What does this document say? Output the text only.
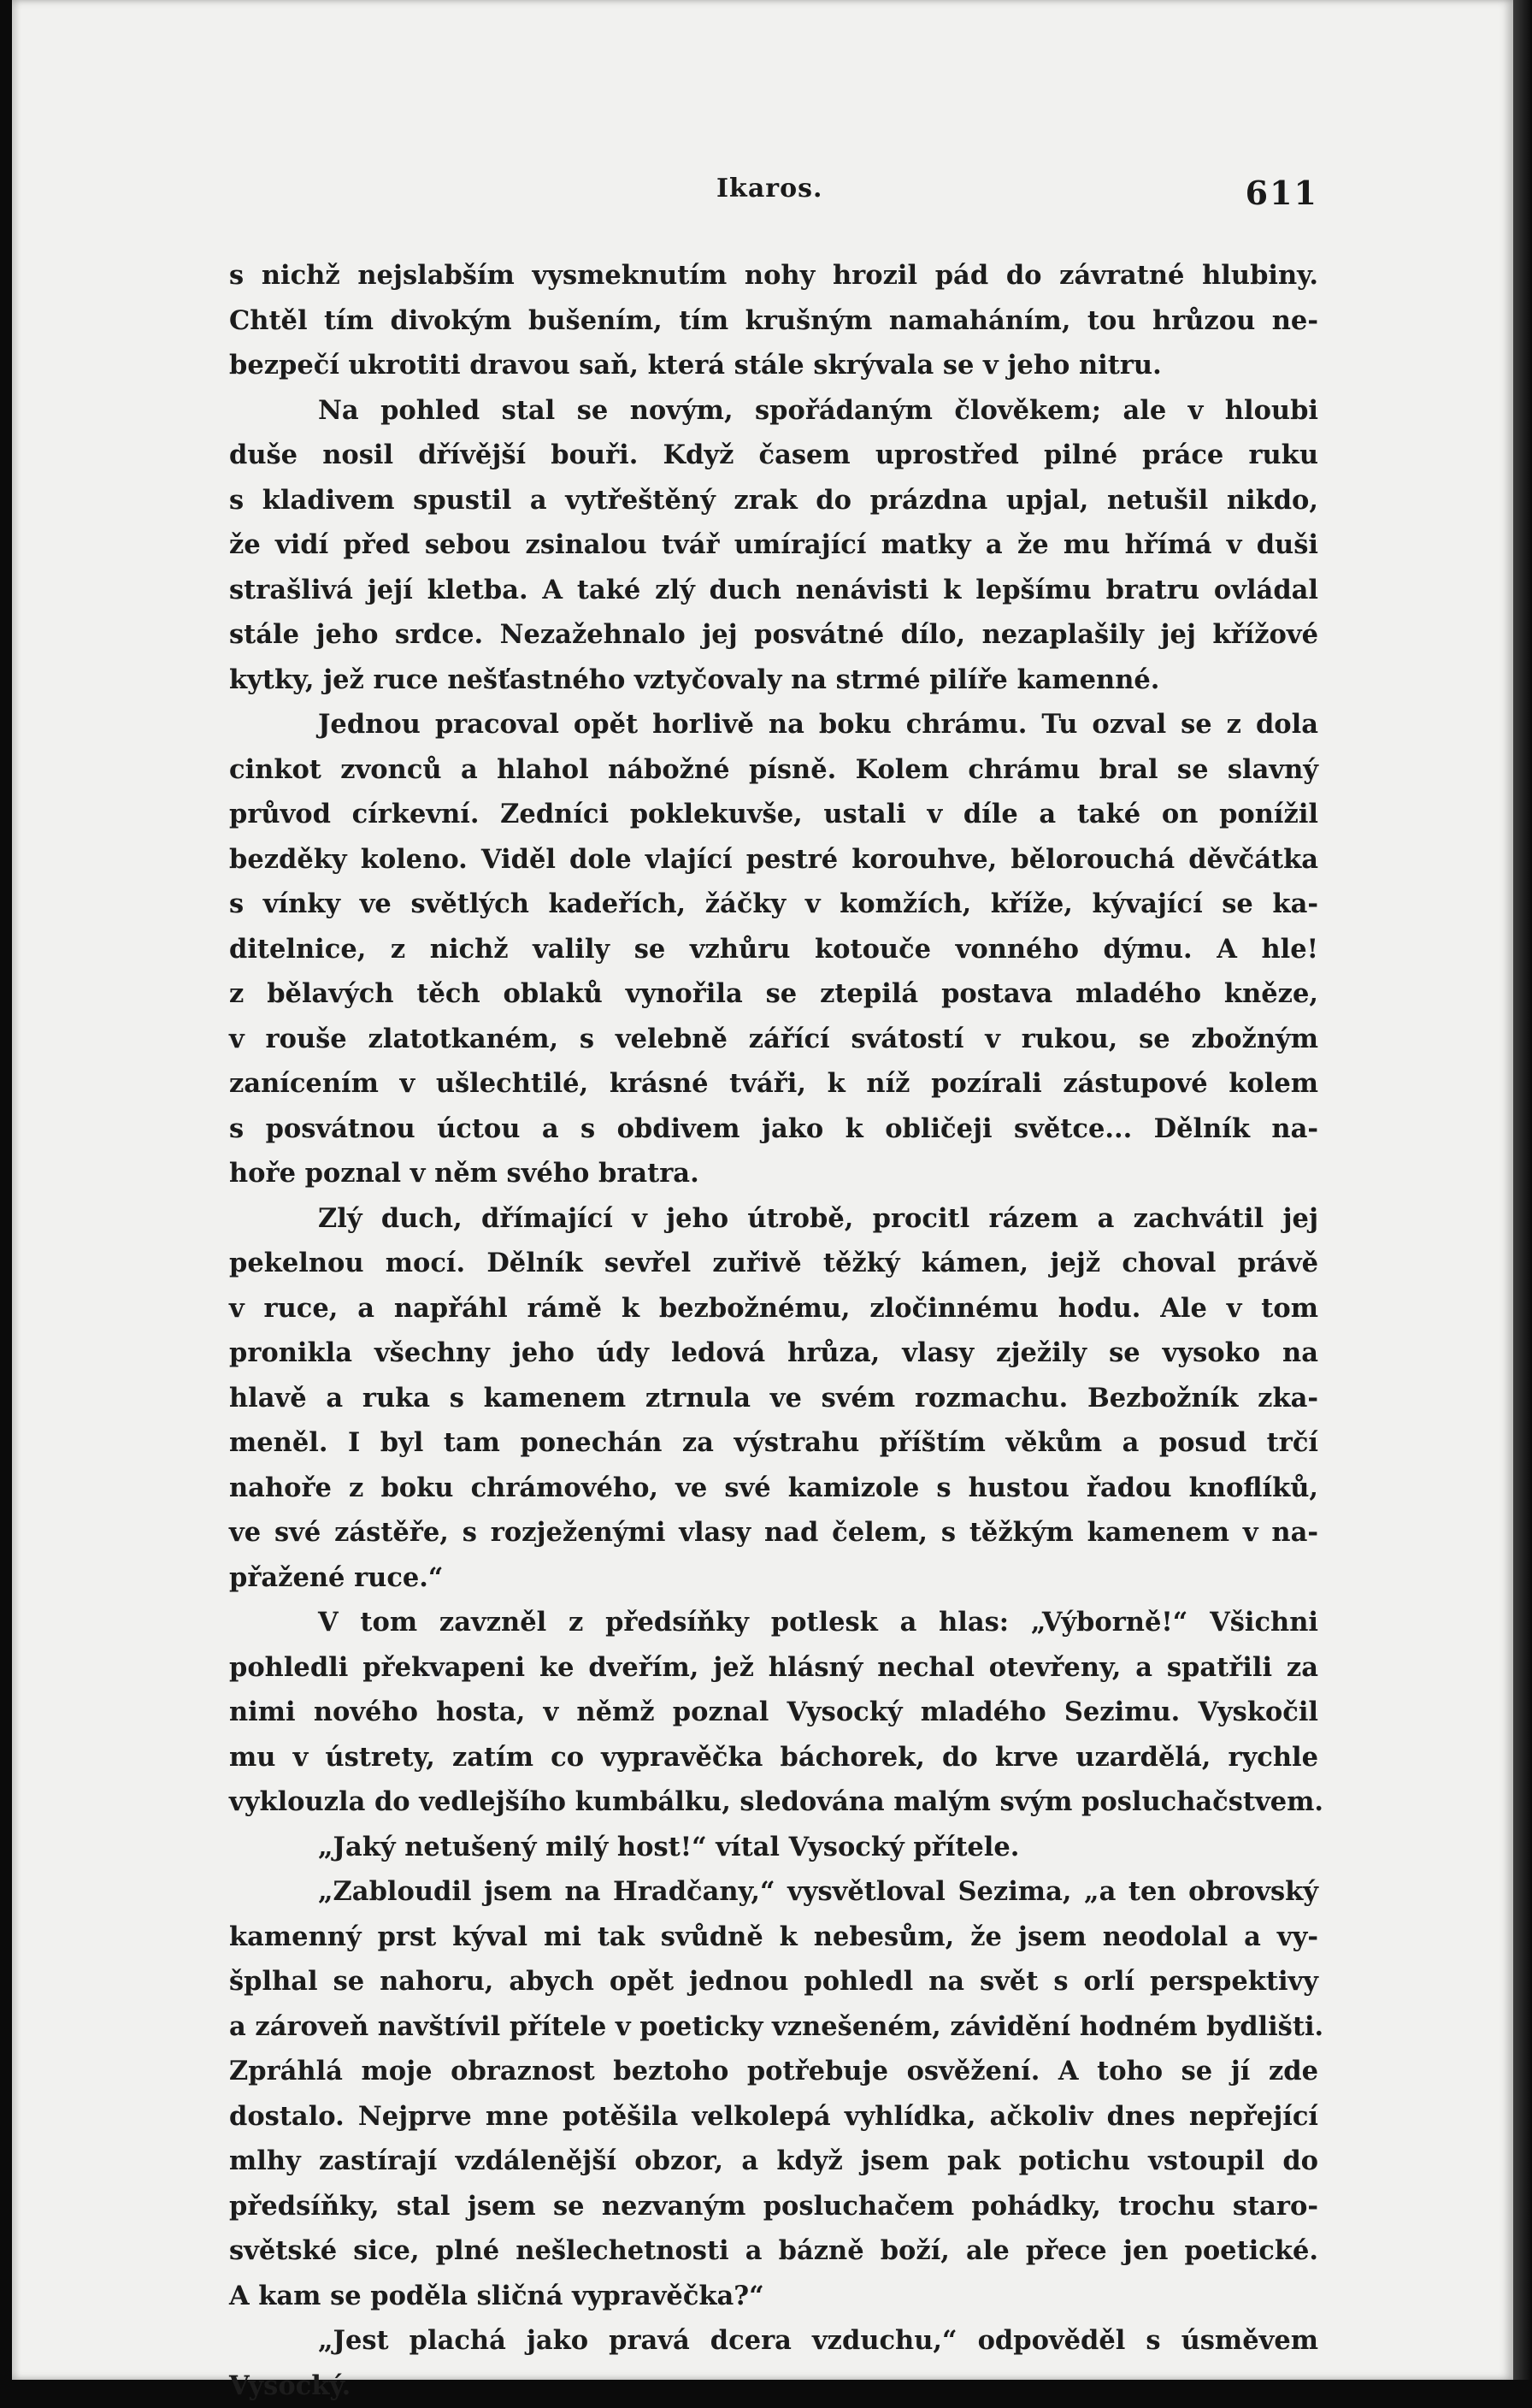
Ikaros.	611
s nichž nejslabším vysmeknutím nohy hrozil pád do závratné hlubiny.
Chtěl tím divokým bušením, tím krušným namaháním, tou hrůzou ne-
bezpečí ukrotiti dravou saň, která stále skrývala se v jeho nitru.
Na pohled stal se novým, spořádaným člověkem; ale v hloubi
duše nosil dřívější bouři. Když časem uprostřed pilné práce ruku
s kladivem spustil a vytřeštěný zrak do prázdna upjal, netušil nikdo,
že vidí před sebou zsinalou tvář umírající matky a že mu hřímá v duši
strašlivá její kletba. A také zlý duch nenávisti k lepšímu bratru ovládal
stále jeho srdce. Nezažehnalo jej posvátné dílo, nezaplašily jej křížové
kytky, jež ruce nešťastného vztyčovaly na strmé pilíře kamenné.
Jednou pracoval opět horlivě na boku chrámu. Tu ozval se z dola
cinkot zvonců a hlahol nábožné písně. Kolem chrámu bral se slavný
průvod církevní. Zedníci poklekuvše, ustali v díle a také on ponížil
bezděky koleno. Viděl dole vlající pestré korouhve, bělorouchá děvčátka
s vínky ve světlých kadeřích, žáčky v komžích, kříže, kývající se ka-
ditelnice, z nichž valily se vzhůru kotouče vonného dýmu. A hle!
z bělavých těch oblaků vynořila se ztepilá postava mladého kněze,
v rouše zlatotkaném, s velebně zářící svátostí v rukou, se zbožným
zanícením v ušlechtilé, krásné tváři, k níž pozírali zástupové kolem
s posvátnou úctou a s obdivem jako k obličeji světce... Dělník na-
hoře poznal v něm svého bratra.
Zlý duch, dřímající v jeho útrobě, procitl rázem a zachvátil jej
pekelnou mocí. Dělník sevřel zuřivě těžký kámen, jejž choval právě
v ruce, a napřáhl rámě k bezbožnému, zločinnému hodu. Ale v tom
pronikla všechny jeho údy ledová hrůza, vlasy zježily se vysoko na
hlavě a ruka s kamenem ztrnula ve svém rozmachu. Bezbožník zka-
meněl. I byl tam ponechán za výstrahu příštím věkům a posud trčí
nahoře z boku chrámového, ve své kamizole s hustou řadou knoflíků,
ve své zástěře, s rozježenými vlasy nad čelem, s těžkým kamenem v na-
přažené ruce.“
V tom zavzněl z předsíňky potlesk a hlas: „Výborně!“ Všichni
pohledli překvapeni ke dveřím, jež hlásný nechal otevřeny, a spatřili za
nimi nového hosta, v němž poznal Vysocký mladého Sezimu. Vyskočil
mu v ústrety, zatím co vypravěčka báchorek, do krve uzardělá, rychle
vyklouzla do vedlejšího kumbálku, sledována malým svým posluchačstvem.
„Jaký netušený milý host!“ vítal Vysocký přítele.
„Zabloudil jsem na Hradčany,“ vysvětloval Sezima, „a ten obrovský
kamenný prst kýval mi tak svůdně k nebesům, že jsem neodolal a vy-
šplhal se nahoru, abych opět jednou pohledl na svět s orlí perspektivy
a zároveň navštívil přítele v poeticky vznešeném, závidění hodném bydlišti.
Zpráhlá moje obraznost beztoho potřebuje osvěžení. A toho se jí zde
dostalo. Nejprve mne potěšila velkolepá vyhlídka, ačkoliv dnes nepřející
mlhy zastírají vzdálenější obzor, a když jsem pak potichu vstoupil do
předsíňky, stal jsem se nezvaným posluchačem pohádky, trochu staro-
světské sice, plné nešlechetnosti a bázně boží, ale přece jen poetické.
A kam se poděla sličná vypravěčka?“
„Jest plachá jako pravá dcera vzduchu,“ odpověděl s úsměvem
Vysocký.
